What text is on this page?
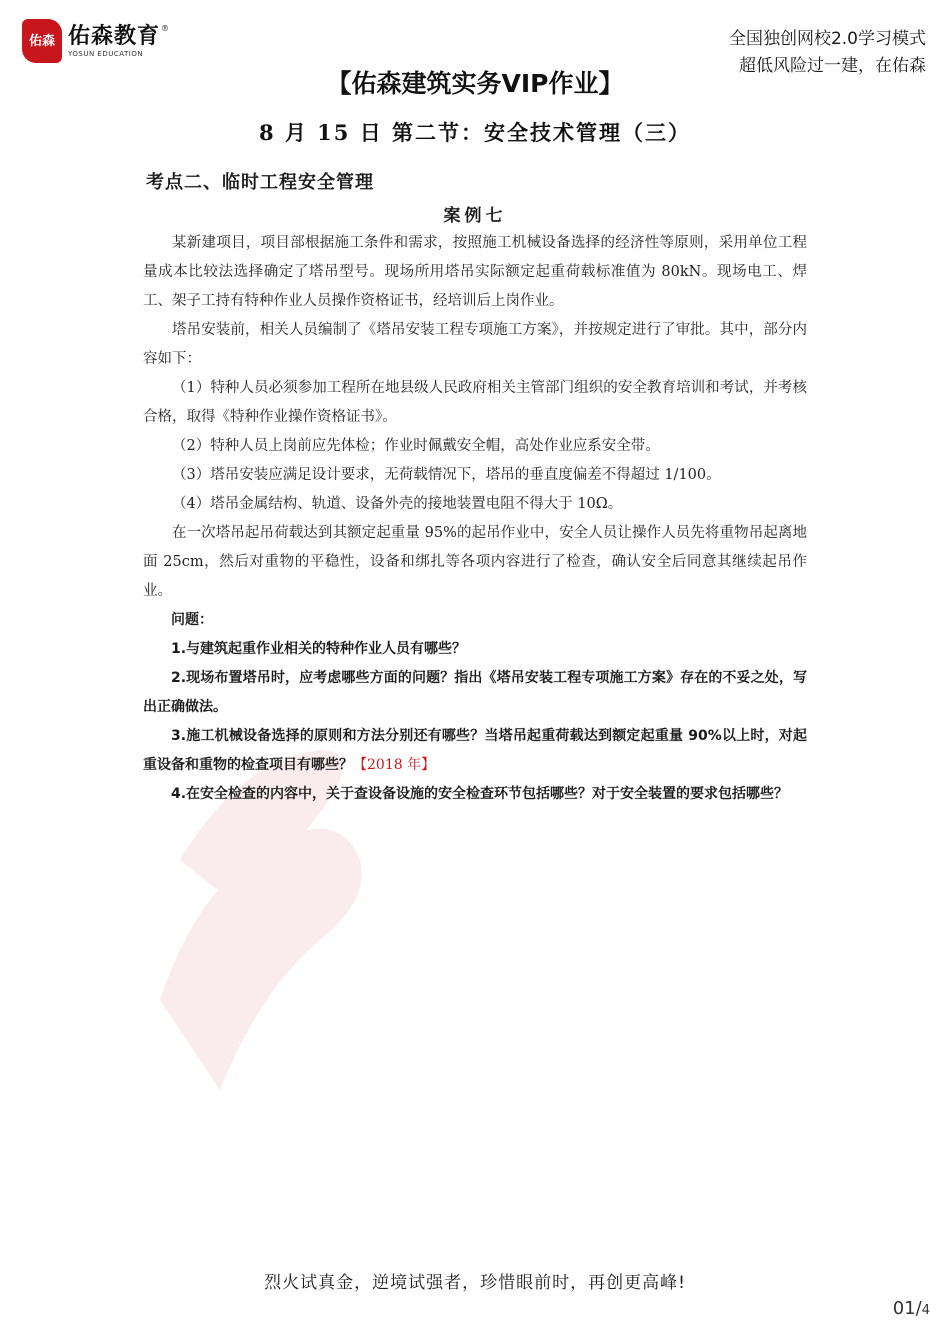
佑森 佑森教育®
YOSUN EDUCATION
全国独创网校2.0学习模式
超低风险过一建，在佑森
【佑森建筑实务VIP作业】
8 月 15 日 第二节：安全技术管理（三）
考点二、临时工程安全管理
案例七

某新建项目，项目部根据施工条件和需求，按照施工机械设备选择的经济性等原则，采用单位工程量成本比较法选择确定了塔吊型号。现场所用塔吊实际额定起重荷载标准值为 80kN。现场电工、焊工、架子工持有特种作业人员操作资格证书，经培训后上岗作业。

塔吊安装前，相关人员编制了《塔吊安装工程专项施工方案》，并按规定进行了审批。其中，部分内容如下：

（1）特种人员必须参加工程所在地县级人民政府相关主管部门组织的安全教育培训和考试，并考核合格，取得《特种作业操作资格证书》。

（2）特种人员上岗前应先体检；作业时佩戴安全帽，高处作业应系安全带。

（3）塔吊安装应满足设计要求，无荷载情况下，塔吊的垂直度偏差不得超过 1/100。

（4）塔吊金属结构、轨道、设备外壳的接地装置电阻不得大于 10Ω。

在一次塔吊起吊荷载达到其额定起重量 95%的起吊作业中，安全人员让操作人员先将重物吊起离地面 25cm，然后对重物的平稳性，设备和绑扎等各项内容进行了检查，确认安全后同意其继续起吊作业。

问题：

1.与建筑起重作业相关的特种作业人员有哪些？

2.现场布置塔吊时，应考虑哪些方面的问题？指出《塔吊安装工程专项施工方案》存在的不妥之处，写出正确做法。

3.施工机械设备选择的原则和方法分别还有哪些？当塔吊起重荷载达到额定起重量 90%以上时，对起重设备和重物的检查项目有哪些？【2018 年】

4.在安全检查的内容中，关于查设备设施的安全检查环节包括哪些？对于安全装置的要求包括哪些？

烈火试真金，逆境试强者，珍惜眼前时，再创更高峰!
01/4
